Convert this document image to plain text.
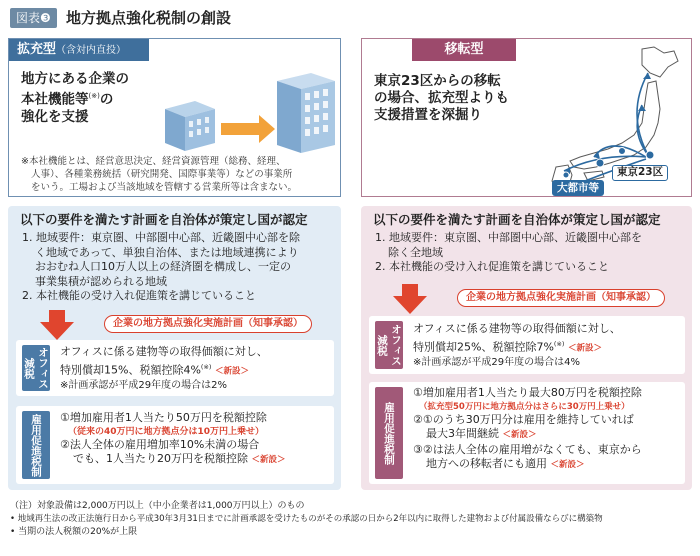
図表❸	地方拠点強化税制の創設
拡充型（含対内直投）
地方にある企業の
本社機能等(※)の
強化を支援
※本社機能とは、経営意思決定、経営資源管理（総務、経理、
人事）、各種業務統括（研究開発、国際事業等）などの事業所
をいう。工場および当該地域を管轄する営業所等は含まない。
移転型
東京23区からの移転
の場合、拡充型よりも
支援措置を深掘り
東京23区
大都市等
以下の要件を満たす計画を自治体が策定し国が認定
1. 地域要件：東京圏、中部圏中心部、近畿圏中心部を除
く地域であって、単独自治体、または地域連携により
おおむね人口10万人以上の経済圏を構成し、一定の
事業集積が認められる地域
2. 本社機能の受け入れ促進策を講じていること
企業の地方拠点強化実施計画（知事承認）
オフィス減税
オフィスに係る建物等の取得価額に対し、
特別償却15%、税額控除4%(※) ＜新設＞
※計画承認が平成29年度の場合は2%
雇用促進税制	①増加雇用者1人当たり50万円を税額控除
（従来の40万円に地方拠点分は10万円上乗せ）
②法人全体の雇用増加率10%未満の場合
でも、1人当たり20万円を税額控除 ＜新設＞
以下の要件を満たす計画を自治体が策定し国が認定
1. 地域要件：東京圏、中部圏中心部、近畿圏中心部を
除く全地域
2. 本社機能の受け入れ促進策を講じていること
企業の地方拠点強化実施計画（知事承認）
オフィス減税
オフィスに係る建物等の取得価額に対し、
特別償却25%、税額控除7%(※) ＜新設＞
※計画承認が平成29年度の場合は4%
雇用促進税制
①増加雇用者1人当たり最大80万円を税額控除
（拡充型50万円に地方拠点分はさらに30万円上乗せ）
②①のうち30万円分は雇用を維持していれば
最大3年間継続 ＜新設＞
③②は法人全体の雇用増がなくても、東京から
地方への移転者にも適用 ＜新設＞
（注）対象設備は2,000万円以上（中小企業者は1,000万円以上）のもの
• 地域再生法の改正法施行日から平成30年3月31日までに計画承認を受けたものがその承認の日から2年以内に取得した建物および付属設備ならびに構築物
• 当期の法人税額の20%が上限
